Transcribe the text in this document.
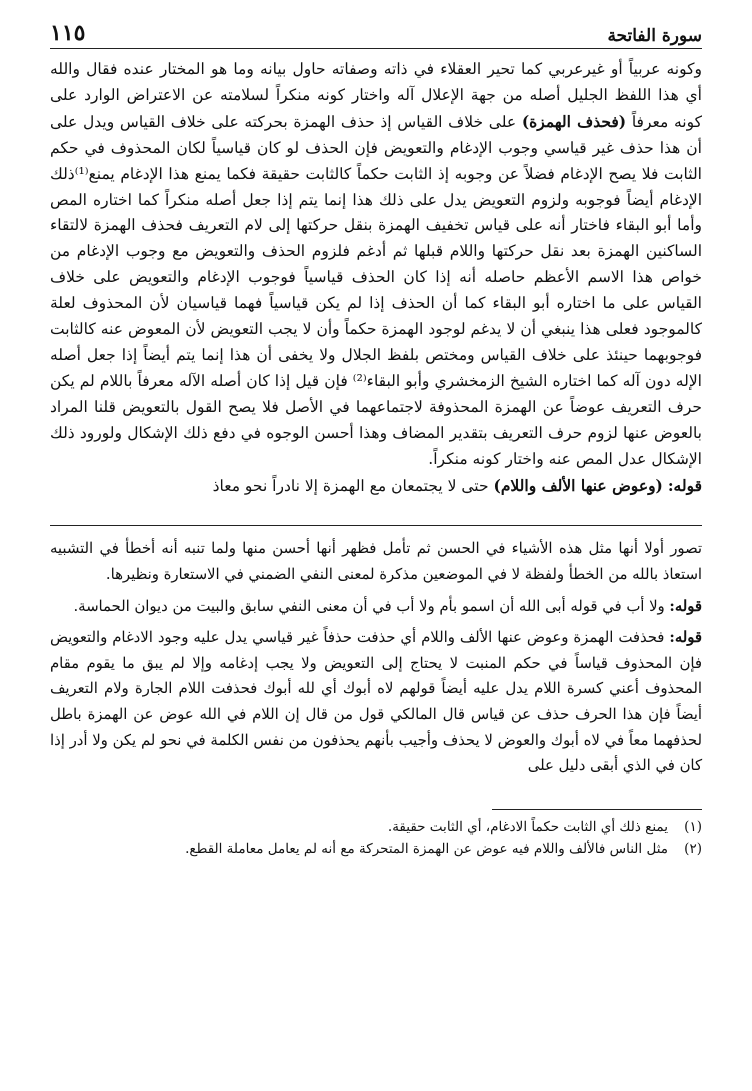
سورة الفاتحة
١١٥

وكونه عربياً أو غيرعربي كما تحير العقلاء في ذاته وصفاته حاول بيانه وما هو المختار عنده فقال والله أي هذا اللفظ الجليل أصله من جهة الإعلال آله واختار كونه منكراً لسلامته عن الاعتراض الوارد على كونه معرفاً (فحذف الهمزة) على خلاف القياس إذ حذف الهمزة بحركته على خلاف القياس ويدل على أن هذا حذف غير قياسي وجوب الإدغام والتعويض فإن الحذف لو كان قياسياً لكان المحذوف في حكم الثابت فلا يصح الإدغام فضلاً عن وجوبه إذ الثابت حكماً كالثابت حقيقة فكما يمنع هذا الإدغام يمنع⁽¹⁾ذلك الإدغام أيضاً فوجوبه ولزوم التعويض يدل على ذلك هذا إنما يتم إذا جعل أصله منكراً كما اختاره المص وأما أبو البقاء فاختار أنه على قياس تخفيف الهمزة بنقل حركتها إلى لام التعريف فحذف الهمزة لالتقاء الساكنين الهمزة بعد نقل حركتها واللام قبلها ثم أدغم فلزوم الحذف والتعويض مع وجوب الإدغام من خواص هذا الاسم الأعظم حاصله أنه إذا كان الحذف قياسياً فوجوب الإدغام والتعويض على خلاف القياس على ما اختاره أبو البقاء كما أن الحذف إذا لم يكن قياسياً فهما قياسيان لأن المحذوف لعلة كالموجود فعلى هذا ينبغي أن لا يدغم لوجود الهمزة حكماً وأن لا يجب التعويض لأن المعوض عنه كالثابت فوجوبهما حينئذ على خلاف القياس ومختص بلفظ الجلال ولا يخفى أن هذا إنما يتم أيضاً إذا جعل أصله الإله دون آله كما اختاره الشيخ الزمخشري وأبو البقاء⁽²⁾ فإن قيل إذا كان أصله الآله معرفاً باللام لم يكن حرف التعريف عوضاً عن الهمزة المحذوفة لاجتماعهما في الأصل فلا يصح القول بالتعويض قلنا المراد بالعوض عنها لزوم حرف التعريف بتقدير المضاف وهذا أحسن الوجوه في دفع ذلك الإشكال ولورود ذلك الإشكال عدل المص عنه واختار كونه منكراً.

قوله: (وعوض عنها الألف واللام) حتى لا يجتمعان مع الهمزة إلا نادراً نحو معاذ

تصور أولا أنها مثل هذه الأشياء في الحسن ثم تأمل فظهر أنها أحسن منها ولما تنبه أنه أخطأ في التشبيه استعاذ بالله من الخطأ ولفظة لا في الموضعين مذكرة لمعنى النفي الضمني في الاستعارة ونظيرها.

قوله: ولا أب في قوله أبى الله أن اسمو بأم ولا أب في أن معنى النفي سابق والبيت من ديوان الحماسة.

قوله: فحذفت الهمزة وعوض عنها الألف واللام أي حذفت حذفاً غير قياسي يدل عليه وجود الادغام والتعويض فإن المحذوف قياساً في حكم المنبت لا يحتاج إلى التعويض ولا يجب إدغامه وإلا لم يبق ما يقوم مقام المحذوف أعني كسرة اللام يدل عليه أيضاً قولهم لاه أبوك أي لله أبوك فحذفت اللام الجارة ولام التعريف أيضاً فإن هذا الحرف حذف عن قياس قال المالكي قول من قال إن اللام في الله عوض عن الهمزة باطل لحذفهما معاً في لاه أبوك والعوض لا يحذف وأجيب بأنهم يحذفون من نفس الكلمة في نحو لم يكن ولا أدر إذا كان في الذي أبقى دليل على

(١)
يمنع ذلك أي الثابت حكماً الادغام، أي الثابت حقيقة.
(٢)
مثل الناس فالألف واللام فيه عوض عن الهمزة المتحركة مع أنه لم يعامل معاملة القطع.
